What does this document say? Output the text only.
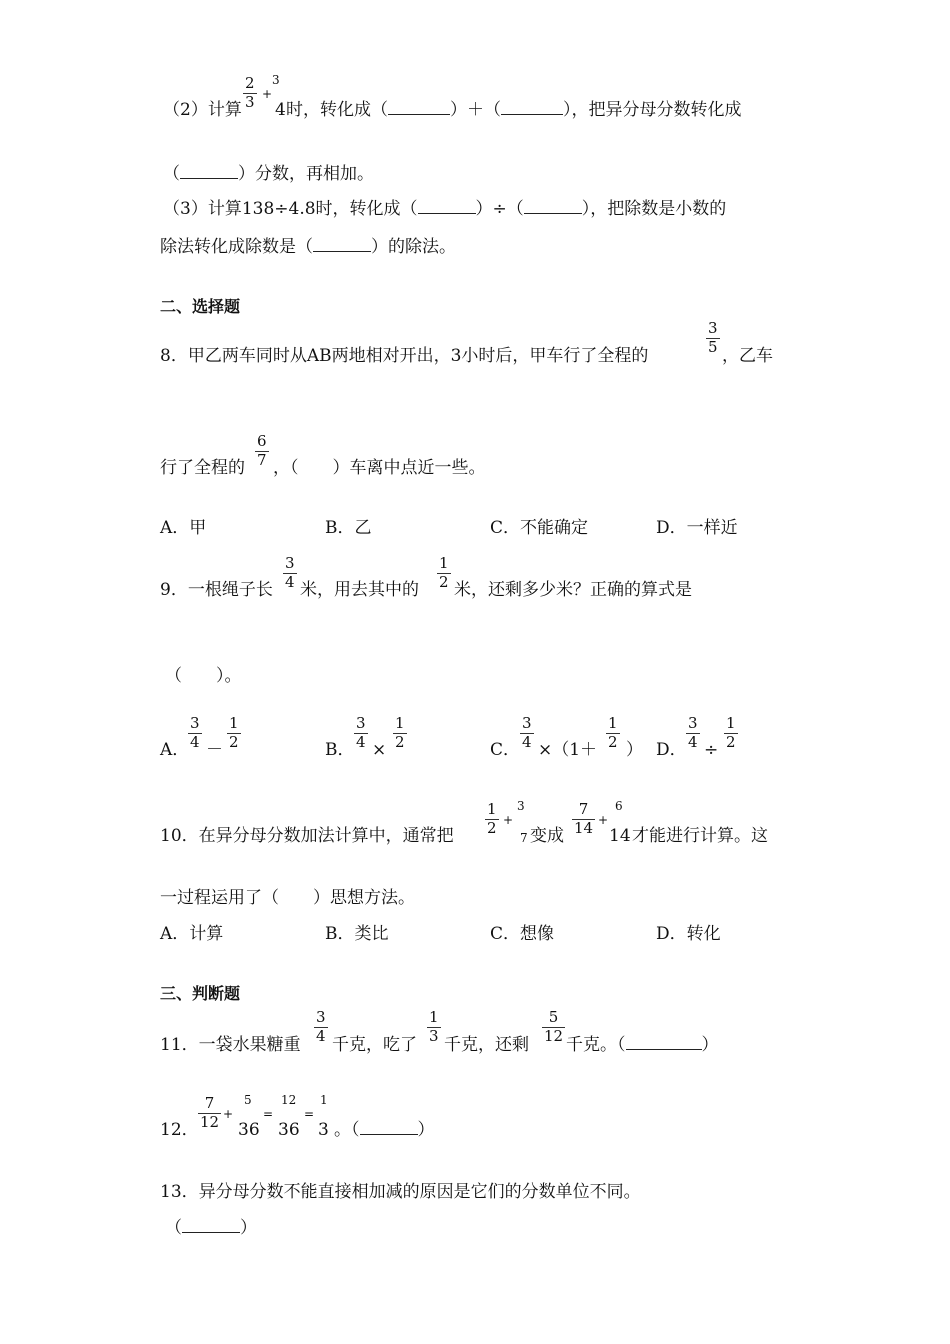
（2）计算
2
3 +
3
4 时，转化成（	）＋（	），把异分母分数转化成
（	）分数，再相加。
（3）计算138÷4.8时，转化成（	）÷（	），把除数是小数的
除法转化成除数是（	）的除法。
二、选择题
8．甲乙两车同时从AB两地相对开出，3小时后，甲车行了全程的
3
5 ，乙车
行了全程的
6
7 ，（　　）车离中点近一些。
A．甲	B．乙	C．不能确定	D．一样近
9．一根绳子长
3
4 米，用去其中的
1
2 米，还剩多少米？正确的算式是
（　　）。
A．
3
4 －
1
2	B．
3
4 ×
1
2	C．
3
4 ×（1＋
1
2 ） D．
3
4 ÷
1
2
10．在异分母分数加法计算中，通常把
1
2 +
3
7 变成
7
14 +
6
14 才能进行计算。这
一过程运用了（　　）思想方法。
A．计算	B．类比	C．想像	D．转化
三、判断题
11．一袋水果糖重
3
4 千克，吃了
1
3 千克，还剩
5
12 千克。（	）
12．
7
12 +
5
36
=
12
36
=
1
3 。（	）
13．异分母分数不能直接相加减的原因是它们的分数单位不同。
（	）
